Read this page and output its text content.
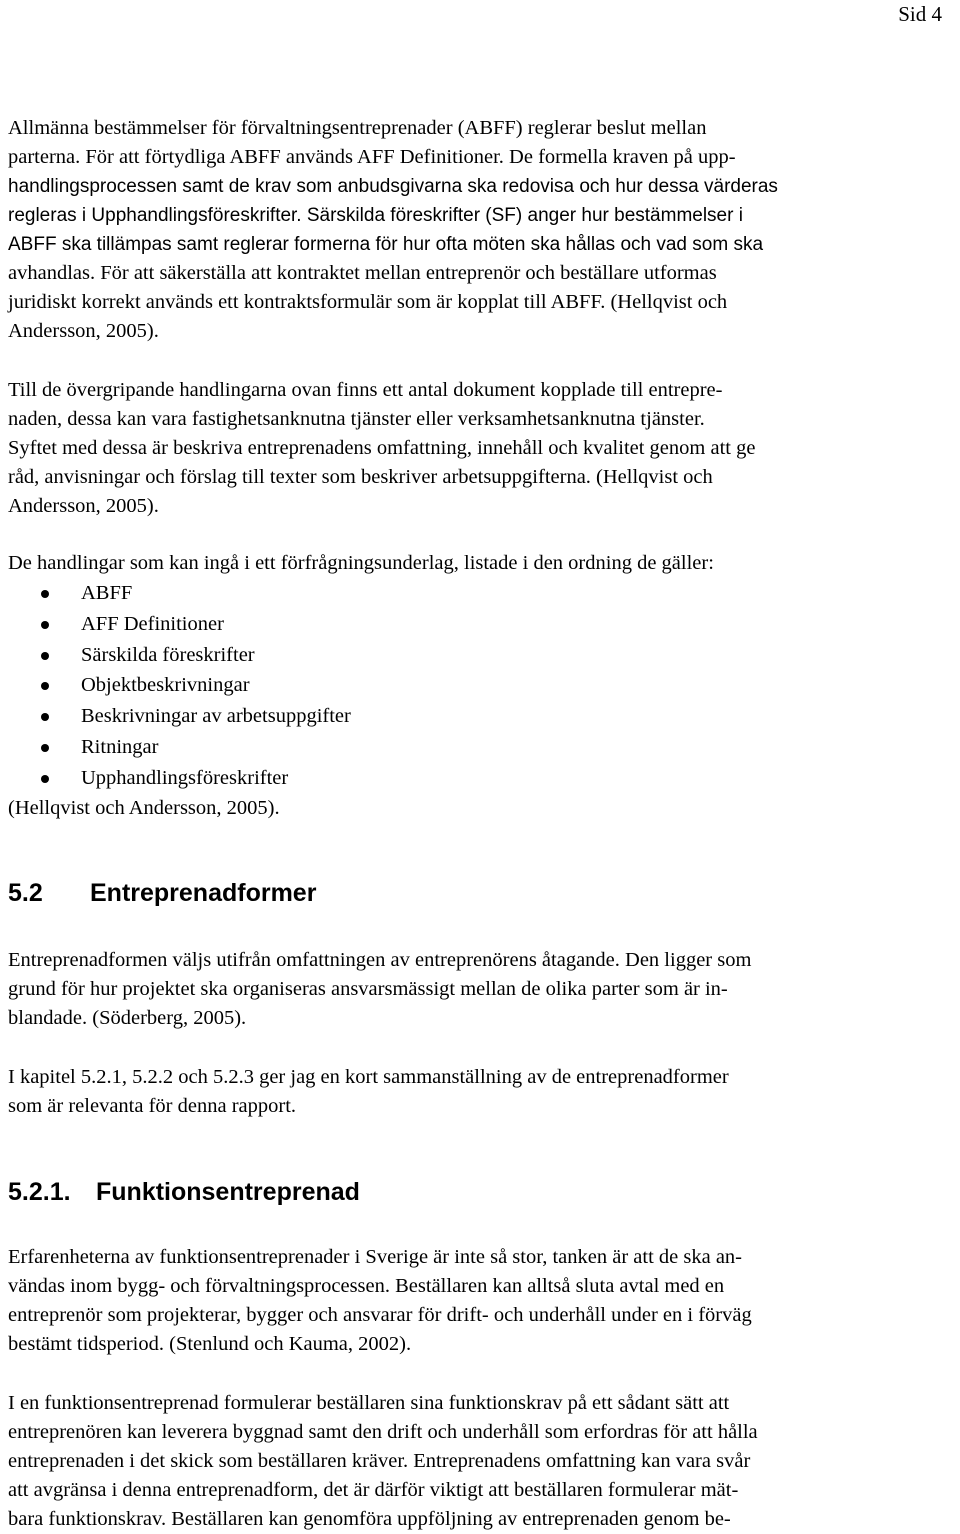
Sid 4
Allmänna bestämmelser för förvaltningsentreprenader (ABFF) reglerar beslut mellan
parterna. För att förtydliga ABFF används AFF Definitioner. De formella kraven på upp-
handlingsprocessen samt de krav som anbudsgivarna ska redovisa och hur dessa värderas
regleras i Upphandlingsföreskrifter. Särskilda föreskrifter (SF) anger hur bestämmelser i
ABFF ska tillämpas samt reglerar formerna för hur ofta möten ska hållas och vad som ska
avhandlas. För att säkerställa att kontraktet mellan entreprenör och beställare utformas
juridiskt korrekt används ett kontraktsformulär som är kopplat till ABFF. (Hellqvist och
Andersson, 2005).
Till de övergripande handlingarna ovan finns ett antal dokument kopplade till entrepre-
naden, dessa kan vara fastighetsanknutna tjänster eller verksamhetsanknutna tjänster.
Syftet med dessa är beskriva entreprenadens omfattning, innehåll och kvalitet genom att ge
råd, anvisningar och förslag till texter som beskriver arbetsuppgifterna. (Hellqvist och
Andersson, 2005).
De handlingar som kan ingå i ett förfrågningsunderlag, listade i den ordning de gäller:
ABFF
AFF Definitioner
Särskilda föreskrifter
Objektbeskrivningar
Beskrivningar av arbetsuppgifter
Ritningar
Upphandlingsföreskrifter
(Hellqvist och Andersson, 2005).
5.2 Entreprenadformer
Entreprenadformen väljs utifrån omfattningen av entreprenörens åtagande. Den ligger som
grund för hur projektet ska organiseras ansvarsmässigt mellan de olika parter som är in-
blandade. (Söderberg, 2005).
I kapitel 5.2.1, 5.2.2 och 5.2.3 ger jag en kort sammanställning av de entreprenadformer
som är relevanta för denna rapport.
5.2.1. Funktionsentreprenad
Erfarenheterna av funktionsentreprenader i Sverige är inte så stor, tanken är att de ska an-
vändas inom bygg- och förvaltningsprocessen. Beställaren kan alltså sluta avtal med en
entreprenör som projekterar, bygger och ansvarar för drift- och underhåll under en i förväg
bestämt tidsperiod. (Stenlund och Kauma, 2002).
I en funktionsentreprenad formulerar beställaren sina funktionskrav på ett sådant sätt att
entreprenören kan leverera byggnad samt den drift och underhåll som erfordras för att hålla
entreprenaden i det skick som beställaren kräver. Entreprenadens omfattning kan vara svår
att avgränsa i denna entreprenadform, det är därför viktigt att beställaren formulerar mät-
bara funktionskrav. Beställaren kan genomföra uppföljning av entreprenaden genom be-
